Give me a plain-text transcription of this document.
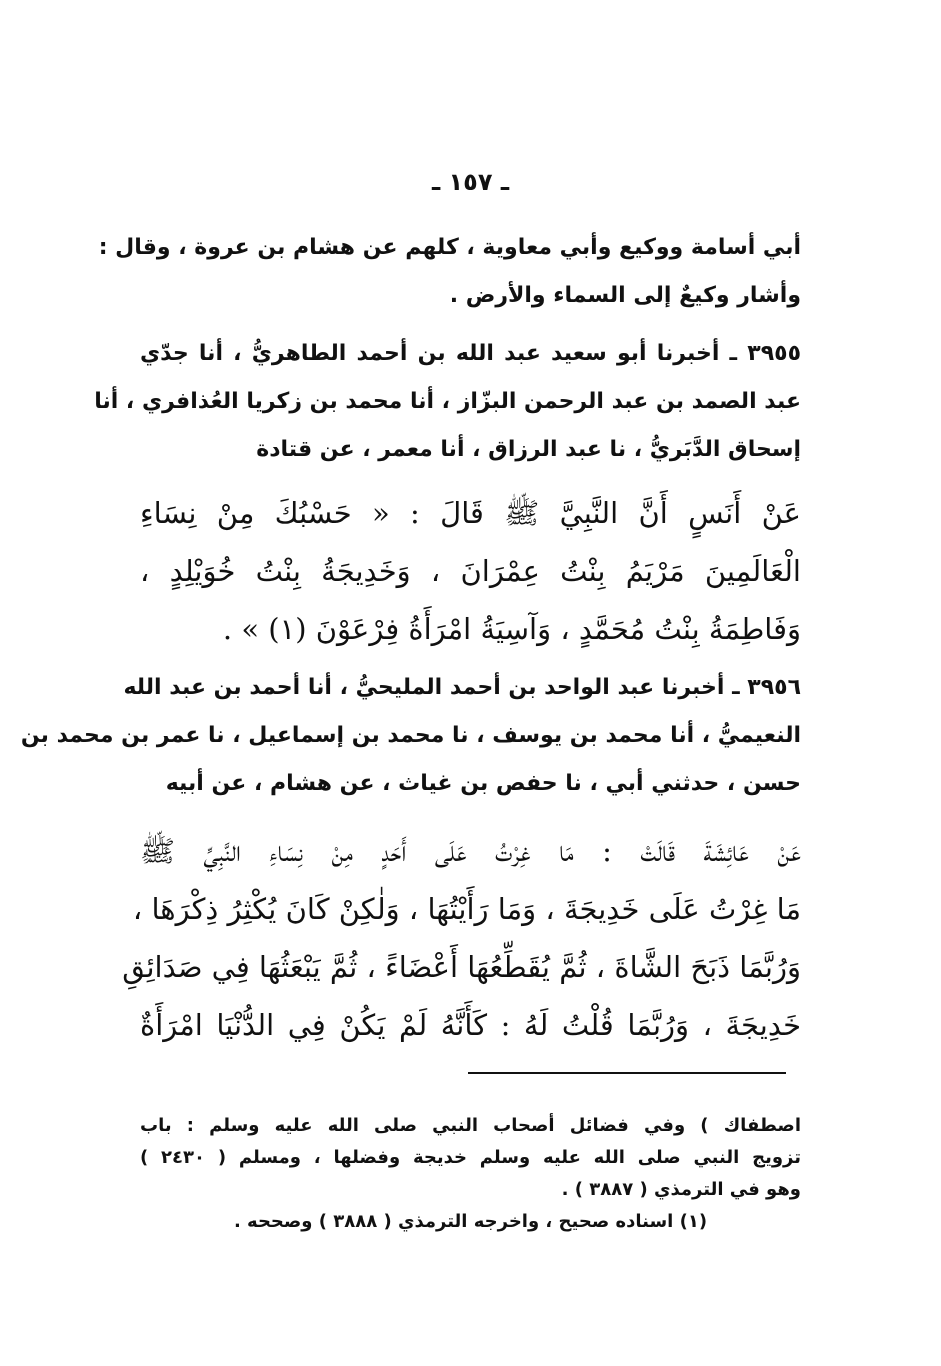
ـ ١٥٧ ـ
أبي أسامة ووكيع وأبي معاوية ، كلهم عن هشام بن عروة ، وقال :
وأشار وكيعٌ إلى السماء والأرض .
٣٩٥٥ ـ أخبرنا أبو سعيد عبد الله بن أحمد الطاهريُّ ، أنا جدّي
عبد الصمد بن عبد الرحمن البزّاز ، أنا محمد بن زكريا العُذافري ، أنا
إسحاق الدَّبَريُّ ، نا عبد الرزاق ، أنا معمر ، عن قتادة
عَنْ أَنَسٍ أَنَّ النَّبِيَّ ﷺ قَالَ : « حَسْبُكَ مِنْ نِسَاءِ
الْعَالَمِينَ مَرْيَمُ بِنْتُ عِمْرَانَ ، وَخَدِيجَةُ بِنْتُ خُوَيْلِدٍ ،
وَفَاطِمَةُ بِنْتُ مُحَمَّدٍ ، وَآسِيَةُ امْرَأَةُ فِرْعَوْنَ (١) » .
٣٩٥٦ ـ أخبرنا عبد الواحد بن أحمد المليحيُّ ، أنا أحمد بن عبد الله
النعيميُّ ، أنا محمد بن يوسف ، نا محمد بن إسماعيل ، نا عمر بن محمد بن
حسن ، حدثني أبي ، نا حفص بن غياث ، عن هشام ، عن أبيه
عَنْ عَائِشَةَ قَالَتْ : مَا غِرْتُ عَلَى أَحَدٍ مِنْ نِسَاءِ النَّبِيِّ ﷺ
مَا غِرْتُ عَلَى خَدِيجَةَ ، وَمَا رَأَيْتُهَا ، وَلٰكِنْ كَانَ يُكْثِرُ ذِكْرَهَا ،
وَرُبَّمَا ذَبَحَ الشَّاةَ ، ثُمَّ يُقَطِّعُهَا أَعْضَاءً ، ثُمَّ يَبْعَثُهَا فِي صَدَائِقِ
خَدِيجَةَ ، وَرُبَّمَا قُلْتُ لَهُ : كَأَنَّهُ لَمْ يَكُنْ فِي الدُّنْيَا امْرَأَةٌ
اصطفاك ) وفي فضائل أصحاب النبي صلى الله عليه وسلم : باب
تزويج النبي صلى الله عليه وسلم خديجة وفضلها ، ومسلم ( ٢٤٣٠ )
وهو في الترمذي ( ٣٨٨٧ ) .
(١) اسناده صحيح ، واخرجه الترمذي ( ٣٨٨٨ ) وصححه .
